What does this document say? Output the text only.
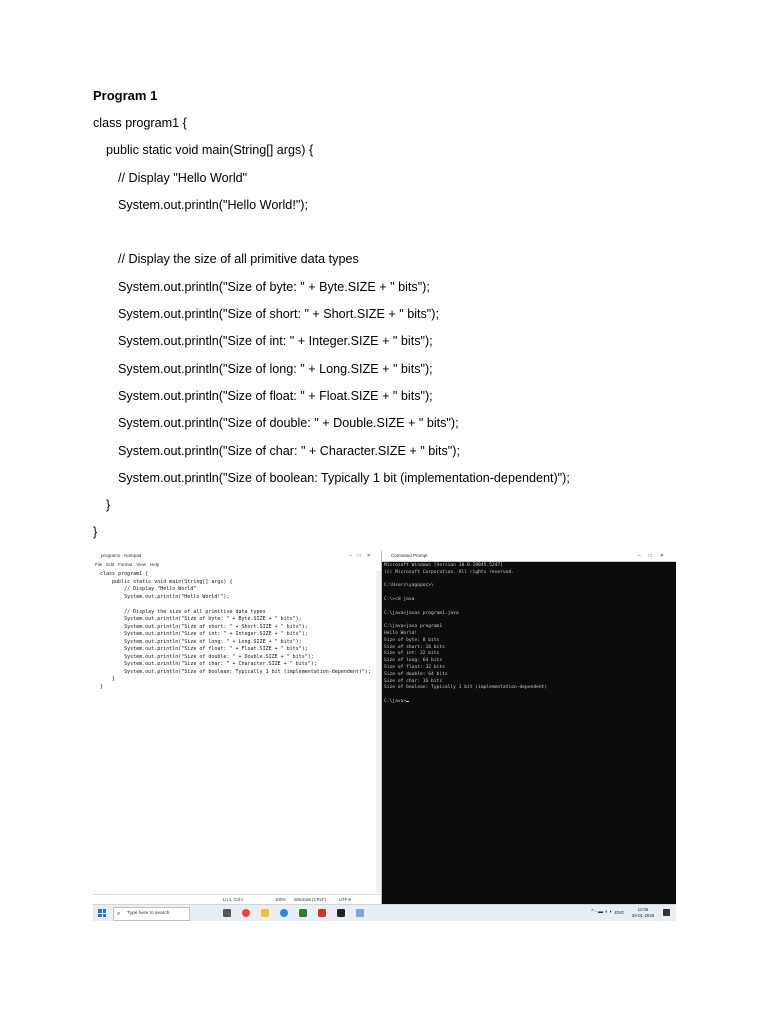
Program 1
class program1 {
public static void main(String[] args) {
// Display "Hello World"
System.out.println("Hello World!");
// Display the size of all primitive data types
System.out.println("Size of byte: " + Byte.SIZE + " bits");
System.out.println("Size of short: " + Short.SIZE + " bits");
System.out.println("Size of int: " + Integer.SIZE + " bits");
System.out.println("Size of long: " + Long.SIZE + " bits");
System.out.println("Size of float: " + Float.SIZE + " bits");
System.out.println("Size of double: " + Double.SIZE + " bits");
System.out.println("Size of char: " + Character.SIZE + " bits");
System.out.println("Size of boolean: Typically 1 bit (implementation-dependent)");
}
}
program1 - Notepad	–□✕
File Edit Format View Help
class program1 {
public static void main(String[] args) {
// Display "Hello World"
System.out.println("Hello World!");

// Display the size of all primitive data types
System.out.println("Size of byte: " + Byte.SIZE + " bits");
System.out.println("Size of short: " + Short.SIZE + " bits");
System.out.println("Size of int: " + Integer.SIZE + " bits");
System.out.println("Size of long: " + Long.SIZE + " bits");
System.out.println("Size of float: " + Float.SIZE + " bits");
System.out.println("Size of double: " + Double.SIZE + " bits");
System.out.println("Size of char: " + Character.SIZE + " bits");
System.out.println("Size of boolean: Typically 1 bit (implementation-dependent)");
}
}
Ln 1, Col 1	100% Windows (CRLF)	UTF-8
Command Prompt	–□✕
Microsoft Windows [Version 10.0.19045.5247]
(c) Microsoft Corporation. All rights reserved.

C:\Users\yagopoc>\

C:\>cd java

C:\java>javac program1.java

C:\java>java program1
Hello World!
Size of byte: 8 bits
Size of short: 16 bits
Size of int: 32 bits
Size of long: 64 bits
Size of float: 32 bits
Size of double: 64 bits
Size of char: 16 bits
Size of boolean: Typically 1 bit (implementation-dependent)

C:\java>
⌕ Type here to search	^ ▫ ▬ ◖ ◗ ENG
11:06
30-01-2025
